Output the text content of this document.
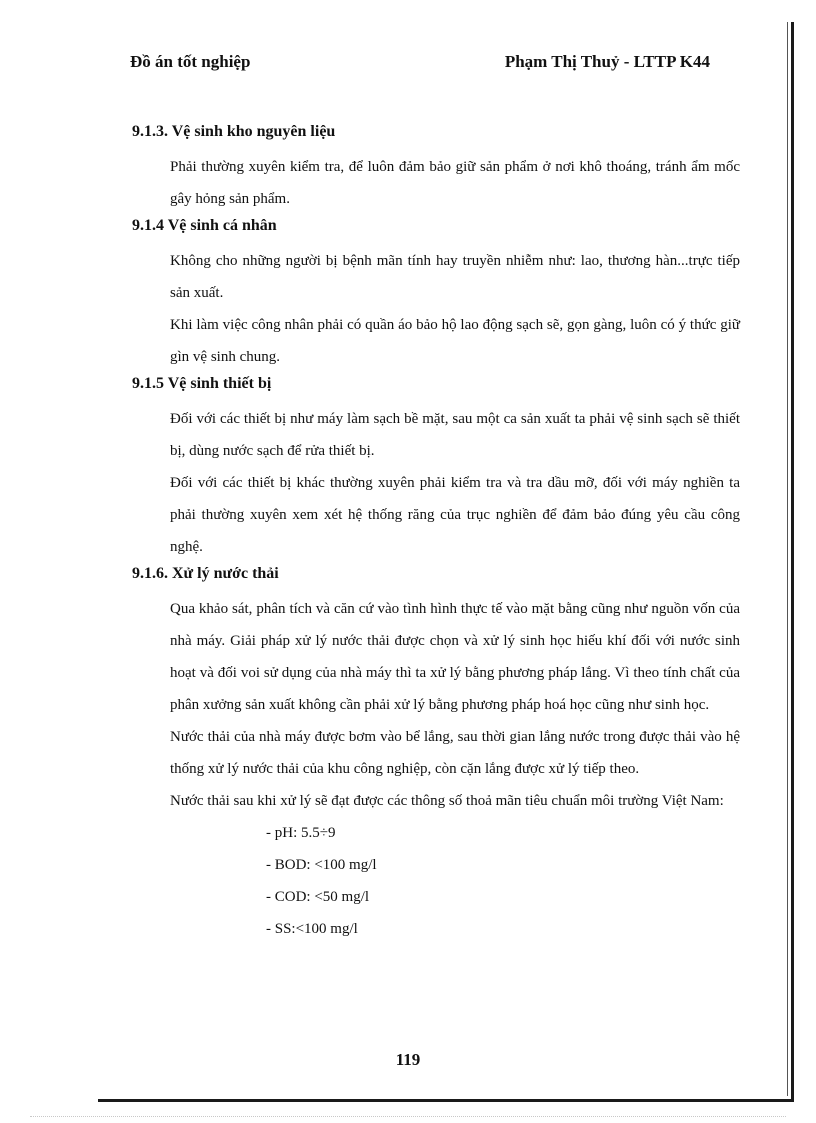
Đồ án tốt nghiệp	Phạm Thị Thuỷ - LTTP K44
9.1.3. Vệ sinh kho nguyên liệu

Phải thường xuyên kiểm tra, để luôn đảm bảo giữ sản phẩm ở nơi khô thoáng, tránh ẩm mốc gây hỏng sản phẩm.

9.1.4 Vệ sinh cá nhân

Không cho những người bị bệnh mãn tính hay truyền nhiễm như: lao, thương hàn...trực tiếp sản xuất.

Khi làm việc công nhân phải có quần áo bảo hộ lao động sạch sẽ, gọn gàng, luôn có ý thức giữ gìn vệ sinh chung.

9.1.5 Vệ sinh thiết bị

Đối với các thiết bị như máy làm sạch bề mặt, sau một ca sản xuất ta phải vệ sinh sạch sẽ thiết bị, dùng nước sạch để rửa thiết bị.

Đối với các thiết bị khác thường xuyên phải kiểm tra và tra dầu mỡ, đối với máy nghiền ta phải thường xuyên xem xét hệ thống răng của trục nghiền để đảm bảo đúng yêu cầu công nghệ.

9.1.6. Xử lý nước thải

Qua khảo sát, phân tích và căn cứ vào tình hình thực tế vào mặt bằng cũng như nguồn vốn của nhà máy. Giải pháp xử lý nước thải được chọn và xử lý sinh học hiếu khí đối với nước sinh hoạt và đối voi sử dụng của nhà máy thì ta xử lý bằng phương pháp lắng. Vì theo tính chất của phân xưởng sản xuất không cần phải xử lý bằng phương pháp hoá học cũng như sinh học.

Nước thải của nhà máy được bơm vào bể lắng, sau thời gian lắng nước trong được thải vào hệ thống xử lý nước thải của khu công nghiệp, còn cặn lắng được xử lý tiếp theo.

Nước thải sau khi xử lý sẽ đạt được các thông số thoả mãn tiêu chuẩn môi trường Việt Nam:

- pH: 5.5÷9
- BOD: <100 mg/l
- COD: <50 mg/l
- SS:<100 mg/l
119
